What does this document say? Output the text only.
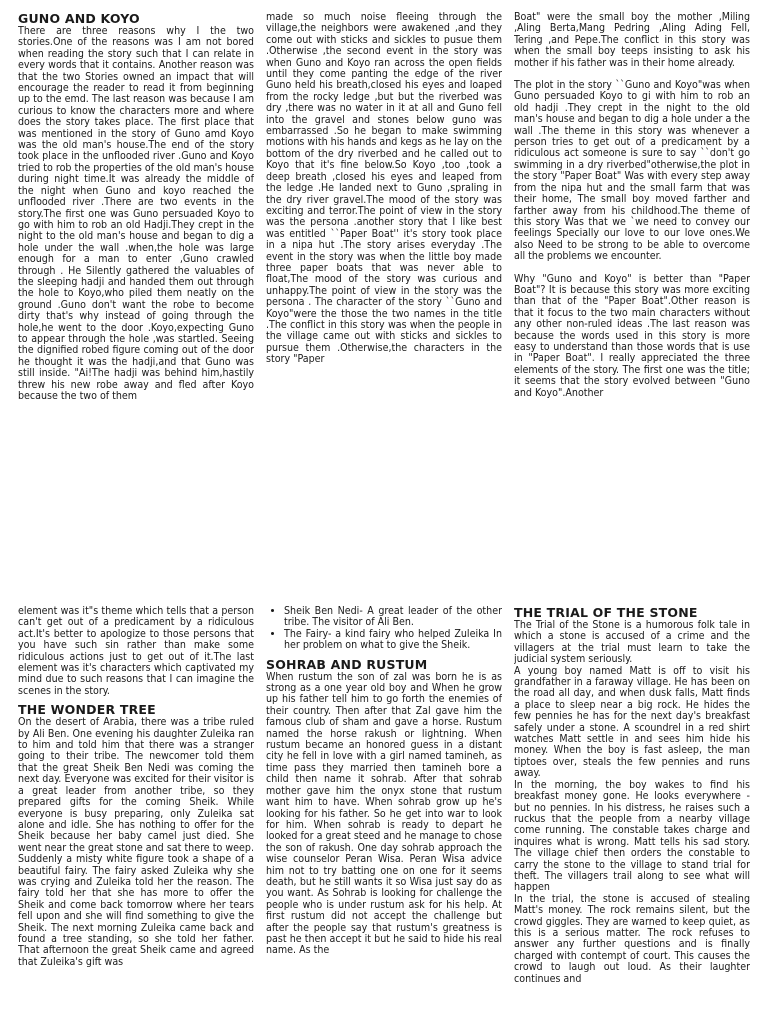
GUNO AND KOYO

There are three reasons why I the two stories.One of the reasons was I am not bored when reading the story such that I can relate in every words that it contains. Another reason was that the two Stories owned an impact that will encourage the reader to read it from beginning up to the emd. The last reason was because I am curious to know the characters more and where does the story takes place. The first place that was mentioned in the story of Guno amd Koyo was the old man's house.The end of the story took place in the unflooded river .Guno and Koyo tried to rob the properties of the old man's house during night time.It was already the middle of the night when Guno and koyo reached the unflooded river .There are two events in the story.The first one was Guno persuaded Koyo to go with him to rob an old Hadji.They crept in the night to the old man's house and began to dig a hole under the wall .when,the hole was large enough for a man to enter ,Guno crawled through . He Silently gathered the valuables of the sleeping hadji and handed them out through the hole to Koyo,who piled them neatly on the ground .Guno don't want the robe to become dirty that's why instead of going through the hole,he went to the door .Koyo,expecting Guno to appear through the hole ,was startled. Seeing the dignified robed figure coming out of the door he thought it was the hadji,and that Guno was still inside. "Ai!The hadji was behind him,hastily threw his new robe away and fled after Koyo because the two of them

made so much noise fleeing through the village,the neighbors were awakened ,and they come out with sticks and sickles to pusue them .Otherwise ,the second event in the story was when Guno and Koyo ran across the open fields until they come panting the edge of the river Guno held his breath,closed his eyes and loaped from the rocky ledge ,but but the riverbed was dry ,there was no water in it at all and Guno fell into the gravel and stones below guno was embarrassed .So he began to make swimming motions with his hands and kegs as he lay on the bottom of the dry riverbed and he called out to Koyo that it's fine below.So Koyo ,too ,took a deep breath ,closed his eyes and leaped from the ledge .He landed next to Guno ,spraling in the dry river gravel.The mood of the story was exciting and terror.The point of view in the story was the persona .another story that I like best was entitled ``Paper Boat'' it's story took place in a nipa hut .The story arises everyday .The event in the story was when the little boy made three paper boats that was never able to float,The mood of the story was curious and unhappy.The point of view in the story was the persona . The character of the story ``Guno and Koyo"were the those the two names in the title .The conflict in this story was when the people in the village came out with sticks and sickles to pursue them .Otherwise,the characters in the story "Paper

Boat" were the small boy the mother ,Miling ,Aling Berta,Mang Pedring ,Aling Ading Fell, Tering ,and Pepe.The conflict in this story was when the small boy teeps insisting to ask his mother if his father was in their home already.

The plot in the story ``Guno and Koyo"was when Guno persuaded Koyo to gi with him to rob an old hadji .They crept in the night to the old man's house and began to dig a hole under a the wall .The theme in this story was whenever a person tries to get out of a predicament by a ridiculous act someone is sure to say ``don't go swimming in a dry riverbed"otherwise,the plot in the story "Paper Boat" Was with every step away from the nipa hut and the small farm that was their home, The small boy moved farther and farther away from his childhood.The theme of this story Was that we `we need to convey our feelings Specially our love to our love ones.We also Need to be strong to be able to overcome all the problems we encounter.

Why "Guno and Koyo" is better than "Paper Boat"? It is because this story was more exciting than that of the "Paper Boat".Other reason is that it focus to the two main characters without any other non-ruled ideas .The last reason was because the words used in this story is more easy to understand than those words that is use in "Paper Boat". I really appreciated the three elements of the story. The first one was the title; it seems that the story evolved between "Guno and Koyo".Another

element was it"s theme which tells that a person can't get out of a predicament by a ridiculous act.It's better to apologize to those persons that you have such sin rather than make some ridiculous actions just to get out of it.The last element was it's characters which captivated my mind due to such reasons that I can imagine the scenes in the story.

THE WONDER TREE

On the desert of Arabia, there was a tribe ruled by Ali Ben. One evening his daughter Zuleika ran to him and told him that there was a stranger going to their tribe. The newcomer told them that the great Sheik Ben Nedi was coming the next day. Everyone was excited for their visitor is a great leader from another tribe, so they prepared gifts for the coming Sheik. While everyone is busy preparing, only Zuleika sat alone and idle. She has nothing to offer for the Sheik because her baby camel just died. She went near the great stone and sat there to weep. Suddenly a misty white figure took a shape of a beautiful fairy. The fairy asked Zuleika why she was crying and Zuleika told her the reason. The fairy told her that she has more to offer the Sheik and come back tomorrow where her tears fell upon and she will find something to give the Sheik. The next morning Zuleika came back and found a tree standing, so she told her father. That afternoon the great Sheik came and agreed that Zuleika's gift was

• Sheik Ben Nedi- A great leader of the other tribe. The visitor of Ali Ben.
• The Fairy- a kind fairy who helped Zuleika In her problem on what to give the Sheik.
SOHRAB AND RUSTUM

When rustum the son of zal was born he is as strong as a one year old boy and When he grow up his father tell him to go forth the enemies of their country. Then after that Zal gave him the famous club of sham and gave a horse. Rustum named the horse rakush or lightning. When rustum became an honored guess in a distant city he fell in love with a girl named tamineh, as time pass they married then tamineh bore a child then name it sohrab. After that sohrab mother gave him the onyx stone that rustum want him to have. When sohrab grow up he's looking for his father. So he get into war to look for him. When sohrab is ready to depart he looked for a great steed and he manage to chose the son of rakush. One day sohrab approach the wise counselor Peran Wisa. Peran Wisa advice him not to try batting one on one for it seems death, but he still wants it so Wisa just say do as you want. As Sohrab is looking for challenge the people who is under rustum ask for his help. At first rustum did not accept the challenge but after the people say that rustum's greatness is past he then accept it but he said to hide his real name. As the

THE TRIAL OF THE STONE

The Trial of the Stone is a humorous folk tale in which a stone is accused of a crime and the villagers at the trial must learn to take the judicial system seriously.

A young boy named Matt is off to visit his grandfather in a faraway village. He has been on the road all day, and when dusk falls, Matt finds a place to sleep near a big rock. He hides the few pennies he has for the next day's breakfast safely under a stone. A scoundrel in a red shirt watches Matt settle in and sees him hide his money. When the boy is fast asleep, the man tiptoes over, steals the few pennies and runs away.

In the morning, the boy wakes to find his breakfast money gone. He looks everywhere - but no pennies. In his distress, he raises such a ruckus that the people from a nearby village come running. The constable takes charge and inquires what is wrong. Matt tells his sad story. The village chief then orders the constable to carry the stone to the village to stand trial for theft. The villagers trail along to see what will happen

In the trial, the stone is accused of stealing Matt's money. The rock remains silent, but the crowd giggles. They are warned to keep quiet, as this is a serious matter. The rock refuses to answer any further questions and is finally charged with contempt of court. This causes the crowd to laugh out loud. As their laughter continues and
